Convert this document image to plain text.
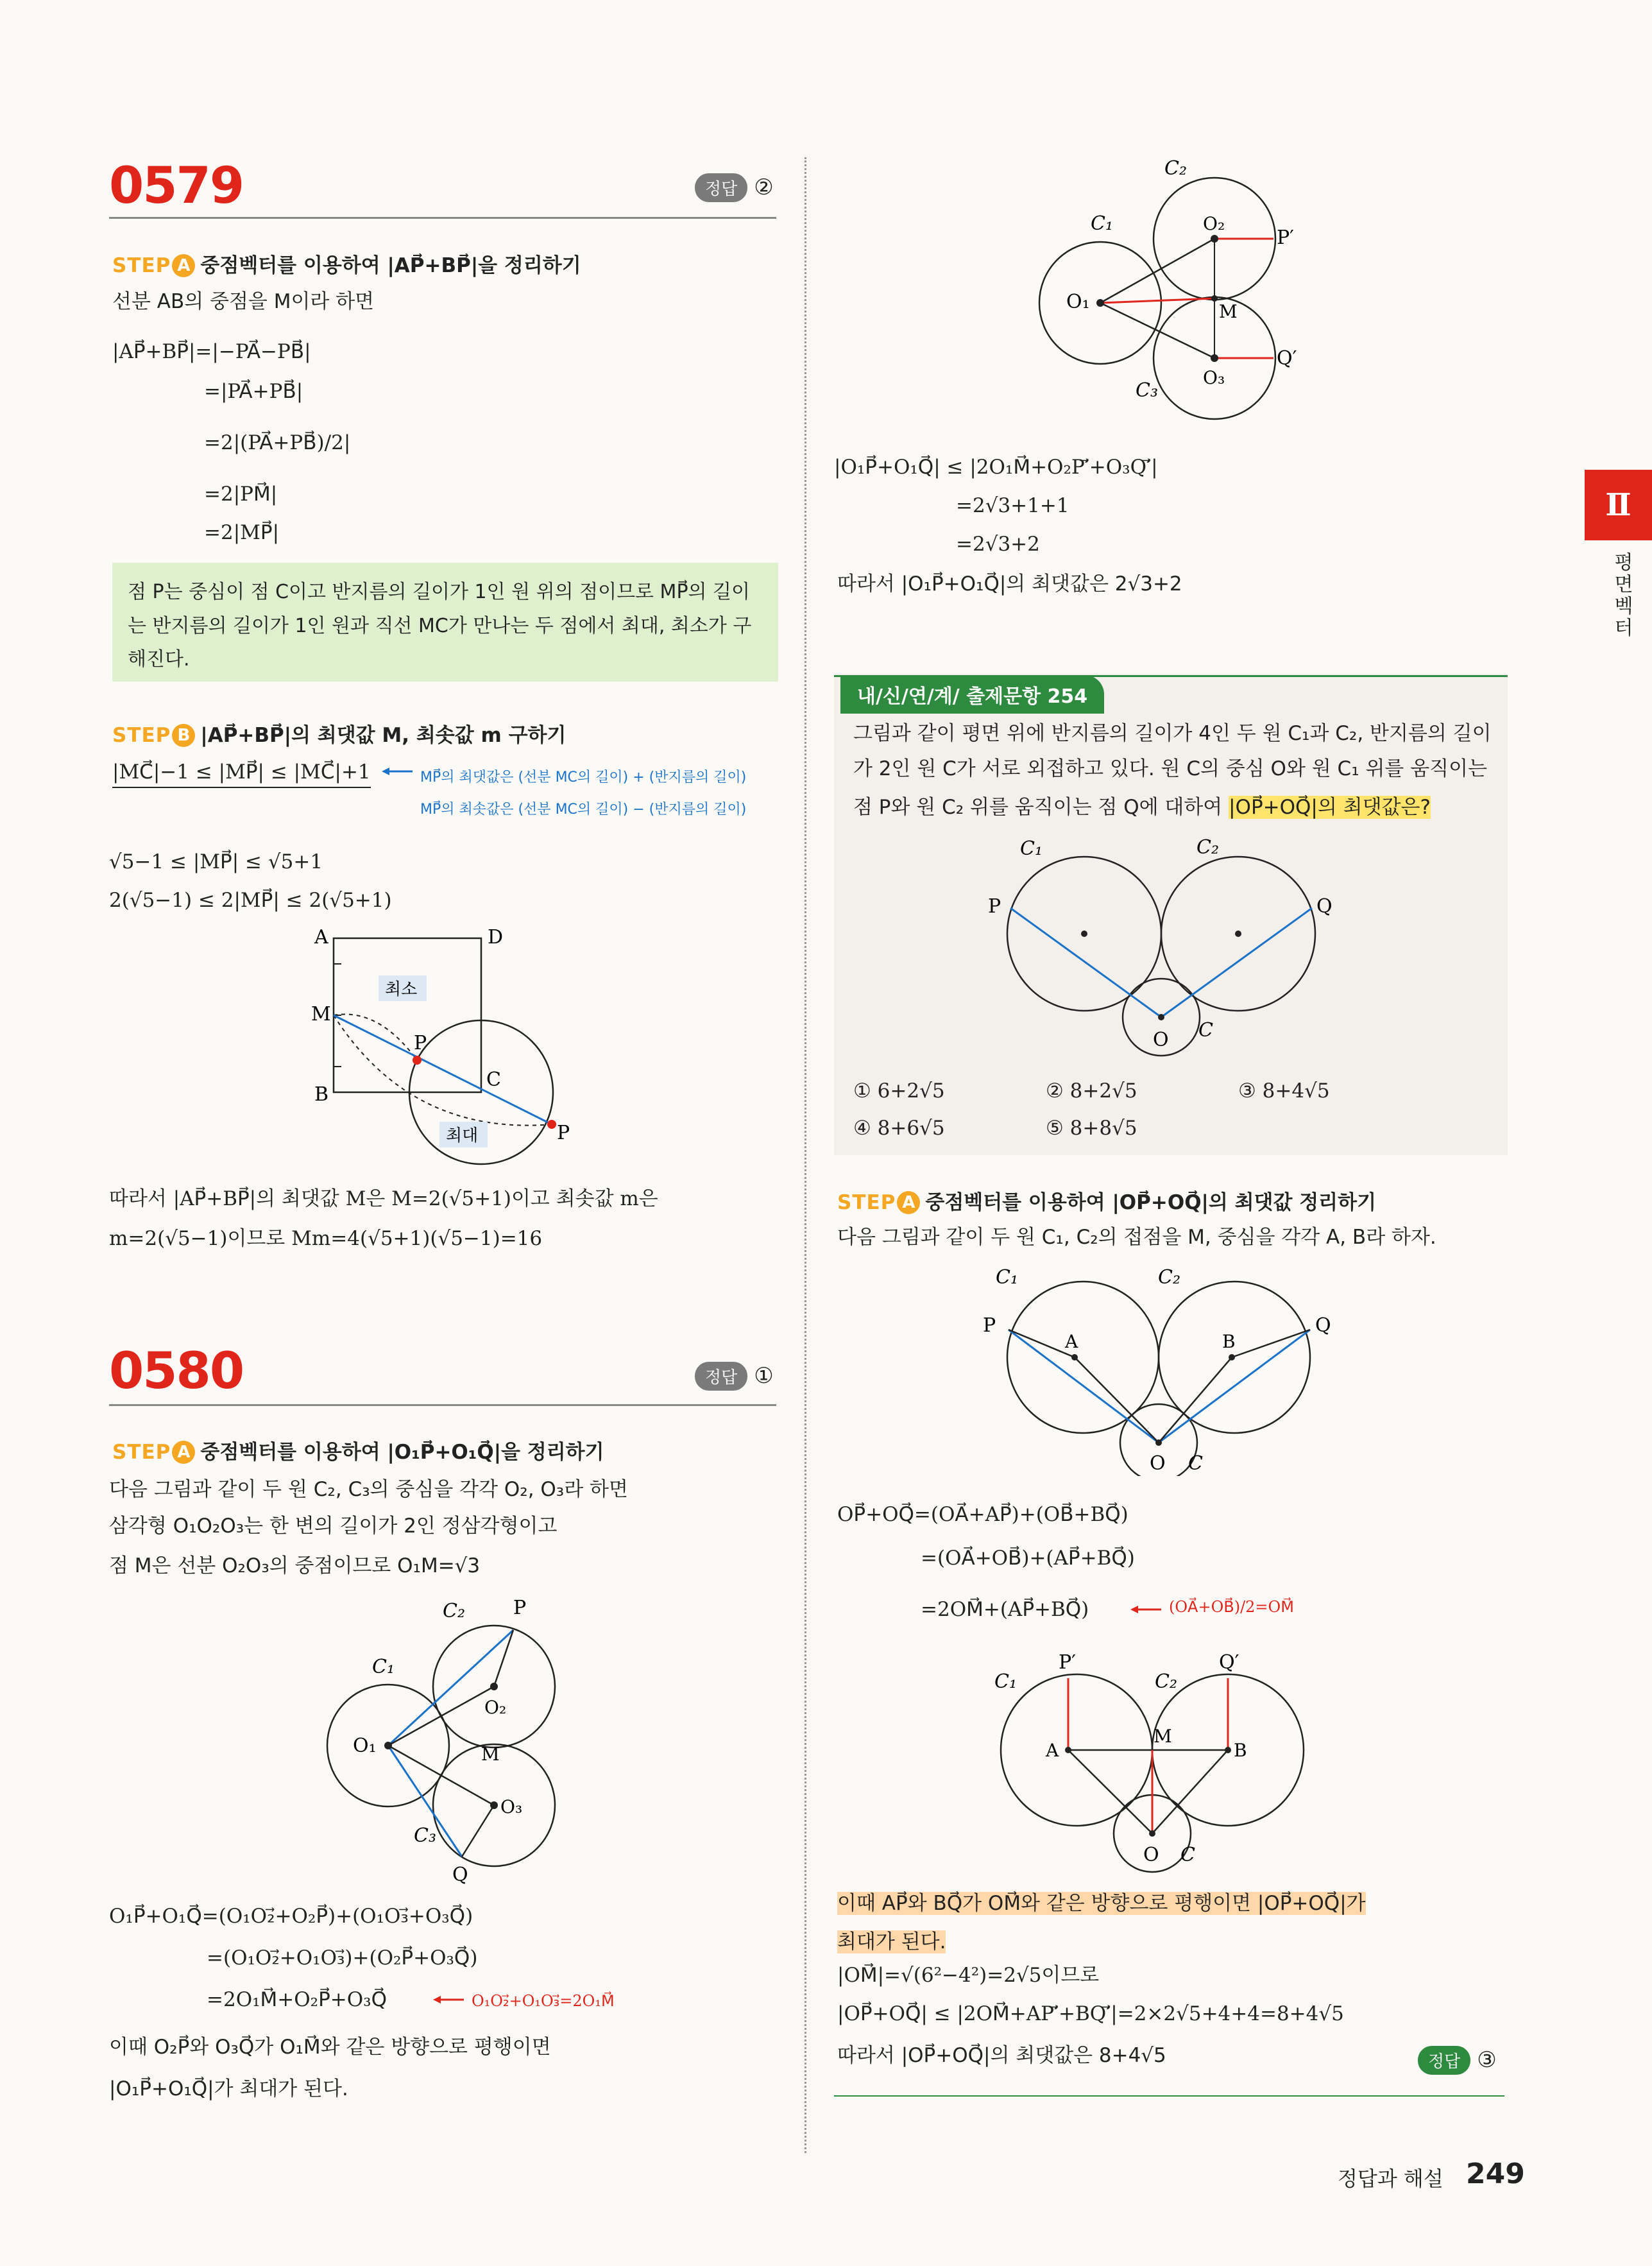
Ⅱ
평면벡터
0579	정답 ②
STEP A 중점벡터를 이용하여 |AP⃗+BP⃗|을 정리하기
선분 AB의 중점을 M이라 하면
|AP⃗+BP⃗|=|−PA⃗−PB⃗|
=|PA⃗+PB⃗|
=2|(PA⃗+PB⃗)/2|
=2|PM⃗|
=2|MP⃗|
점 P는 중심이 점 C이고 반지름의 길이가 1인 원 위의 점이므로 MP⃗의 길이는 반지름의 길이가 1인 원과 직선 MC가 만나는 두 점에서 최대, 최소가 구해진다.
STEP B |AP⃗+BP⃗|의 최댓값 M, 최솟값 m 구하기
|MC⃗|−1 ≤ |MP⃗| ≤ |MC⃗|+1	MP⃗의 최댓값은 (선분 MC의 길이) + (반지름의 길이)
MP⃗의 최솟값은 (선분 MC의 길이) − (반지름의 길이)
√5−1 ≤ |MP⃗| ≤ √5+1
2(√5−1) ≤ 2|MP⃗| ≤ 2(√5+1)
A	D
M
B
C
P
P
최소
최대
따라서 |AP⃗+BP⃗|의 최댓값 M은 M=2(√5+1)이고 최솟값 m은
m=2(√5−1)이므로 Mm=4(√5+1)(√5−1)=16
0580	정답 ①
STEP A 중점벡터를 이용하여 |O₁P⃗+O₁Q⃗|을 정리하기
다음 그림과 같이 두 원 C₂, C₃의 중심을 각각 O₂, O₃라 하면
삼각형 O₁O₂O₃는 한 변의 길이가 2인 정삼각형이고
점 M은 선분 O₂O₃의 중점이므로 O₁M=√3
C₂	P
C₁
O₁
O₂
M
O₃
C₃
Q
O₁P⃗+O₁Q⃗=(O₁O₂⃗+O₂P⃗)+(O₁O₃⃗+O₃Q⃗)
=(O₁O₂⃗+O₁O₃⃗)+(O₂P⃗+O₃Q⃗)
=2O₁M⃗+O₂P⃗+O₃Q⃗	O₁O₂⃗+O₁O₃⃗=2O₁M⃗
이때 O₂P⃗와 O₃Q⃗가 O₁M⃗와 같은 방향으로 평행이면
|O₁P⃗+O₁Q⃗|가 최대가 된다.
C₂
C₁	O₂
P′
O₁	M
Q′
O₃
C₃
|O₁P⃗+O₁Q⃗| ≤ |2O₁M⃗+O₂P′⃗+O₃Q′⃗|
=2√3+1+1
=2√3+2
따라서 |O₁P⃗+O₁Q⃗|의 최댓값은 2√3+2
내/신/연/계/ 출제문항 254
그림과 같이 평면 위에 반지름의 길이가 4인 두 원 C₁과 C₂, 반지름의 길이
가 2인 원 C가 서로 외접하고 있다. 원 C의 중심 O와 원 C₁ 위를 움직이는
점 P와 원 C₂ 위를 움직이는 점 Q에 대하여 |OP⃗+OQ⃗|의 최댓값은?
C₁	C₂
P	Q
O C
① 6+2√5	② 8+2√5	③ 8+4√5
④ 8+6√5	⑤ 8+8√5
STEP A 중점벡터를 이용하여 |OP⃗+OQ⃗|의 최댓값 정리하기
다음 그림과 같이 두 원 C₁, C₂의 접점을 M, 중심을 각각 A, B라 하자.
C₁	C₂
P	Q
A	B
O C
OP⃗+OQ⃗=(OA⃗+AP⃗)+(OB⃗+BQ⃗)
=(OA⃗+OB⃗)+(AP⃗+BQ⃗)
=2OM⃗+(AP⃗+BQ⃗)	(OA⃗+OB⃗)/2=OM⃗
P′	Q′
C₁	C₂
A
M
B
O C
이때 AP⃗와 BQ⃗가 OM⃗와 같은 방향으로 평행이면 |OP⃗+OQ⃗|가
최대가 된다.
|OM⃗|=√(6²−4²)=2√5이므로
|OP⃗+OQ⃗| ≤ |2OM⃗+AP′⃗+BQ′⃗|=2×2√5+4+4=8+4√5
따라서 |OP⃗+OQ⃗|의 최댓값은 8+4√5	정답 ③
정답과 해설 249
